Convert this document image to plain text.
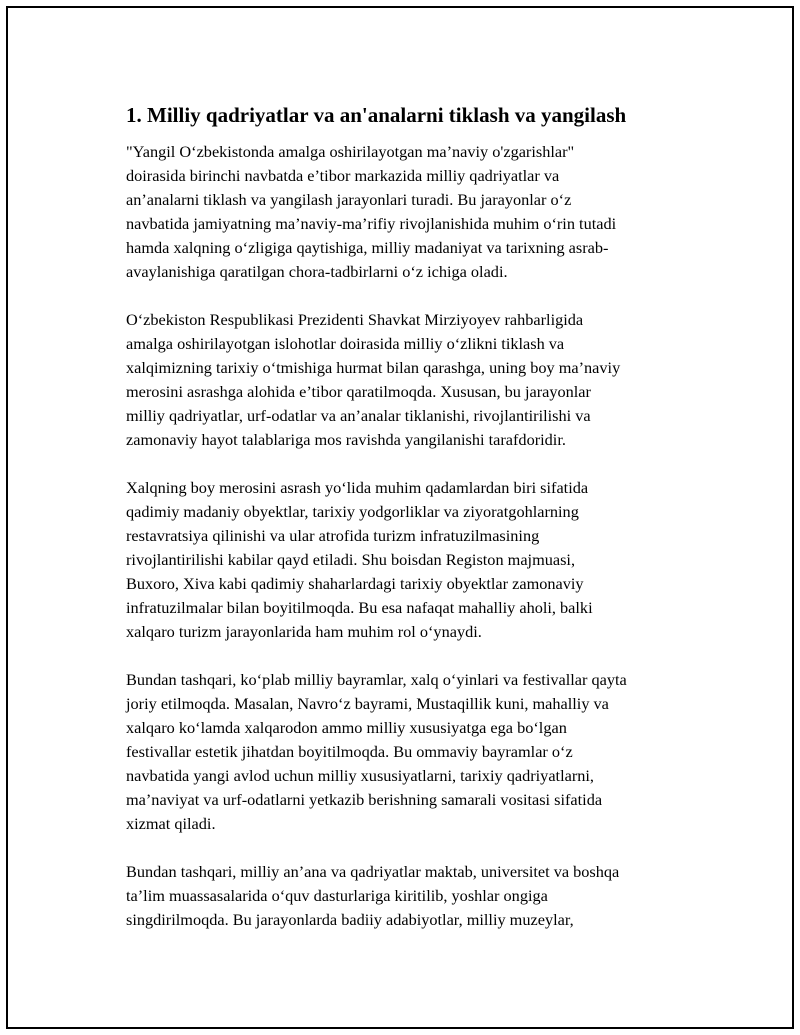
1. Milliy qadriyatlar va an'analarni tiklash va yangilash

"Yangil O‘zbekistonda amalga oshirilayotgan ma’naviy o'zgarishlar"
doirasida birinchi navbatda e’tibor markazida milliy qadriyatlar va
an’analarni tiklash va yangilash jarayonlari turadi. Bu jarayonlar o‘z
navbatida jamiyatning ma’naviy-ma’rifiy rivojlanishida muhim o‘rin tutadi
hamda xalqning o‘zligiga qaytishiga, milliy madaniyat va tarixning asrab-
avaylanishiga qaratilgan chora-tadbirlarni o‘z ichiga oladi.

O‘zbekiston Respublikasi Prezidenti Shavkat Mirziyoyev rahbarligida
amalga oshirilayotgan islohotlar doirasida milliy o‘zlikni tiklash va
xalqimizning tarixiy o‘tmishiga hurmat bilan qarashga, uning boy ma’naviy
merosini asrashga alohida e’tibor qaratilmoqda. Xususan, bu jarayonlar
milliy qadriyatlar, urf-odatlar va an’analar tiklanishi, rivojlantirilishi va
zamonaviy hayot talablariga mos ravishda yangilanishi tarafdoridir.

Xalqning boy merosini asrash yo‘lida muhim qadamlardan biri sifatida
qadimiy madaniy obyektlar, tarixiy yodgorliklar va ziyoratgohlarning
restavratsiya qilinishi va ular atrofida turizm infratuzilmasining
rivojlantirilishi kabilar qayd etiladi. Shu boisdan Registon majmuasi,
Buxoro, Xiva kabi qadimiy shaharlardagi tarixiy obyektlar zamonaviy
infratuzilmalar bilan boyitilmoqda. Bu esa nafaqat mahalliy aholi, balki
xalqaro turizm jarayonlarida ham muhim rol o‘ynaydi.

Bundan tashqari, ko‘plab milliy bayramlar, xalq o‘yinlari va festivallar qayta
joriy etilmoqda. Masalan, Navro‘z bayrami, Mustaqillik kuni, mahalliy va
xalqaro ko‘lamda xalqarodon ammo milliy xususiyatga ega bo‘lgan
festivallar estetik jihatdan boyitilmoqda. Bu ommaviy bayramlar o‘z
navbatida yangi avlod uchun milliy xususiyatlarni, tarixiy qadriyatlarni,
ma’naviyat va urf-odatlarni yetkazib berishning samarali vositasi sifatida
xizmat qiladi.

Bundan tashqari, milliy an’ana va qadriyatlar maktab, universitet va boshqa
ta’lim muassasalarida o‘quv dasturlariga kiritilib, yoshlar ongiga
singdirilmoqda. Bu jarayonlarda badiiy adabiyotlar, milliy muzeylar,
